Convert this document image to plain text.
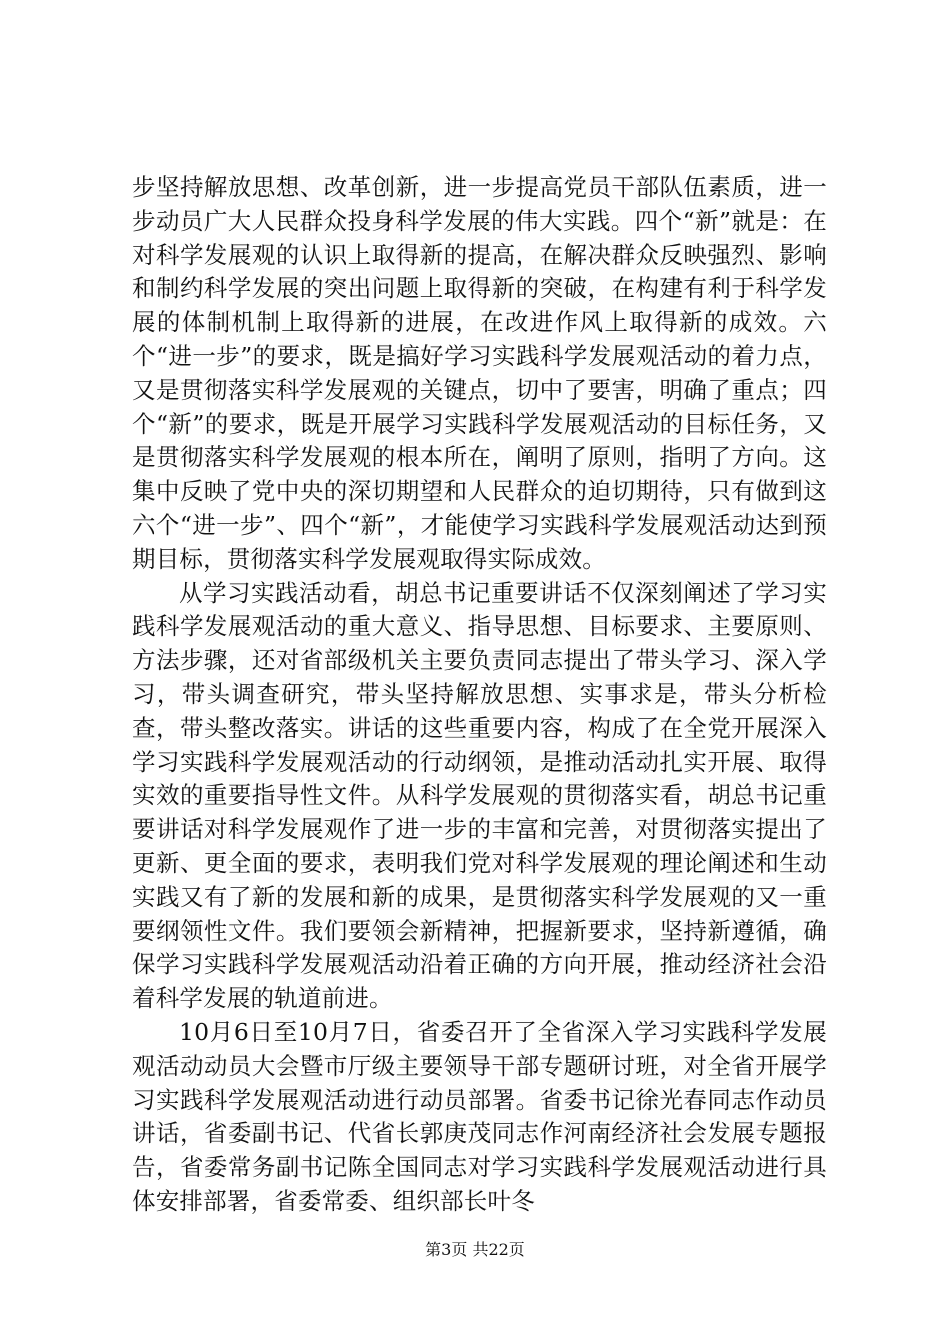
步坚持解放思想、改革创新，进一步提高党员干部队伍素质，进一步动员广大人民群众投身科学发展的伟大实践。四个“新”就是：在对科学发展观的认识上取得新的提高，在解决群众反映强烈、影响和制约科学发展的突出问题上取得新的突破，在构建有利于科学发展的体制机制上取得新的进展，在改进作风上取得新的成效。六个“进一步”的要求，既是搞好学习实践科学发展观活动的着力点，又是贯彻落实科学发展观的关键点，切中了要害，明确了重点；四个“新”的要求，既是开展学习实践科学发展观活动的目标任务，又是贯彻落实科学发展观的根本所在，阐明了原则，指明了方向。这集中反映了党中央的深切期望和人民群众的迫切期待，只有做到这六个“进一步”、四个“新”，才能使学习实践科学发展观活动达到预期目标，贯彻落实科学发展观取得实际成效。

从学习实践活动看，胡总书记重要讲话不仅深刻阐述了学习实践科学发展观活动的重大意义、指导思想、目标要求、主要原则、方法步骤，还对省部级机关主要负责同志提出了带头学习、深入学习，带头调查研究，带头坚持解放思想、实事求是，带头分析检查，带头整改落实。讲话的这些重要内容，构成了在全党开展深入学习实践科学发展观活动的行动纲领，是推动活动扎实开展、取得实效的重要指导性文件。从科学发展观的贯彻落实看，胡总书记重要讲话对科学发展观作了进一步的丰富和完善，对贯彻落实提出了更新、更全面的要求，表明我们党对科学发展观的理论阐述和生动实践又有了新的发展和新的成果，是贯彻落实科学发展观的又一重要纲领性文件。我们要领会新精神，把握新要求，坚持新遵循，确保学习实践科学发展观活动沿着正确的方向开展，推动经济社会沿着科学发展的轨道前进。

10月6日至10月7日，省委召开了全省深入学习实践科学发展观活动动员大会暨市厅级主要领导干部专题研讨班，对全省开展学习实践科学发展观活动进行动员部署。省委书记徐光春同志作动员讲话，省委副书记、代省长郭庚茂同志作河南经济社会发展专题报告，省委常务副书记陈全国同志对学习实践科学发展观活动进行具体安排部署，省委常委、组织部长叶冬

第3页 共22页
